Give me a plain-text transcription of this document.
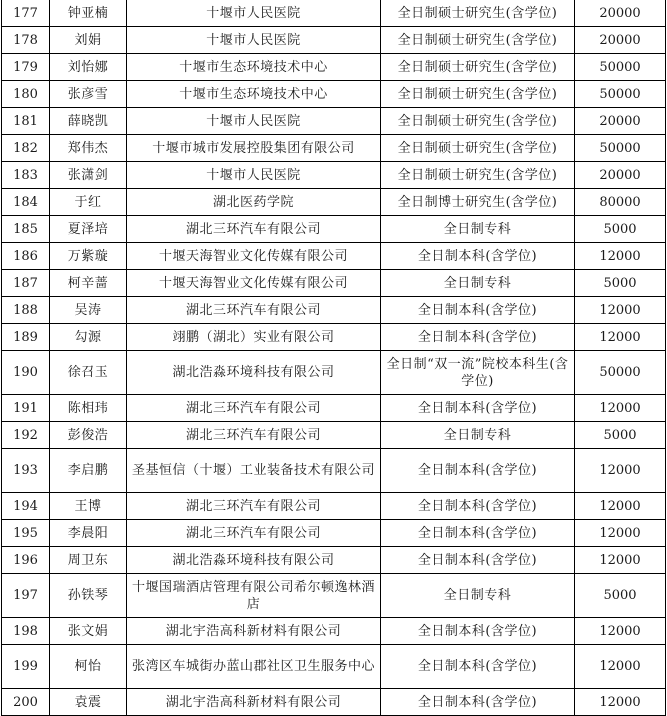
177	钟亚楠	十堰市人民医院	全日制硕士研究生(含学位)	20000
178	刘娟	十堰市人民医院	全日制硕士研究生(含学位)	20000
179	刘怡娜	十堰市生态环境技术中心	全日制硕士研究生(含学位)	50000
180	张彦雪	十堰市生态环境技术中心	全日制硕士研究生(含学位)	50000
181	薛晓凯	十堰市人民医院	全日制硕士研究生(含学位)	20000
182	郑伟杰	十堰市城市发展控股集团有限公司	全日制硕士研究生(含学位)	50000
183	张潇剑	十堰市人民医院	全日制硕士研究生(含学位)	20000
184	于红	湖北医药学院	全日制博士研究生(含学位)	80000
185	夏泽培	湖北三环汽车有限公司	全日制专科	5000
186	万紫璇	十堰天海智业文化传媒有限公司	全日制本科(含学位)	12000
187	柯辛蔷	十堰天海智业文化传媒有限公司	全日制专科	5000
188	吴涛	湖北三环汽车有限公司	全日制本科(含学位)	12000
189	勾源	翊鹏（湖北）实业有限公司	全日制本科(含学位)	12000
190	徐召玉	湖北浩淼环境科技有限公司	全日制“双一流”院校本科生(含学位)	50000
191	陈相玮	湖北三环汽车有限公司	全日制本科(含学位)	12000
192	彭俊浩	湖北三环汽车有限公司	全日制专科	5000
193	李启鹏	圣基恒信（十堰）工业装备技术有限公司	全日制本科(含学位)	12000
194	王博	湖北三环汽车有限公司	全日制本科(含学位)	12000
195	李晨阳	湖北三环汽车有限公司	全日制本科(含学位)	12000
196	周卫东	湖北浩淼环境科技有限公司	全日制本科(含学位)	12000
197	孙铁琴	十堰国瑞酒店管理有限公司希尔顿逸林酒店	全日制专科	5000
198	张文娟	湖北宇浩高科新材料有限公司	全日制本科(含学位)	12000
199	柯怡	张湾区车城街办蓝山郡社区卫生服务中心	全日制本科(含学位)	12000
200	袁震	湖北宇浩高科新材料有限公司	全日制本科(含学位)	12000
